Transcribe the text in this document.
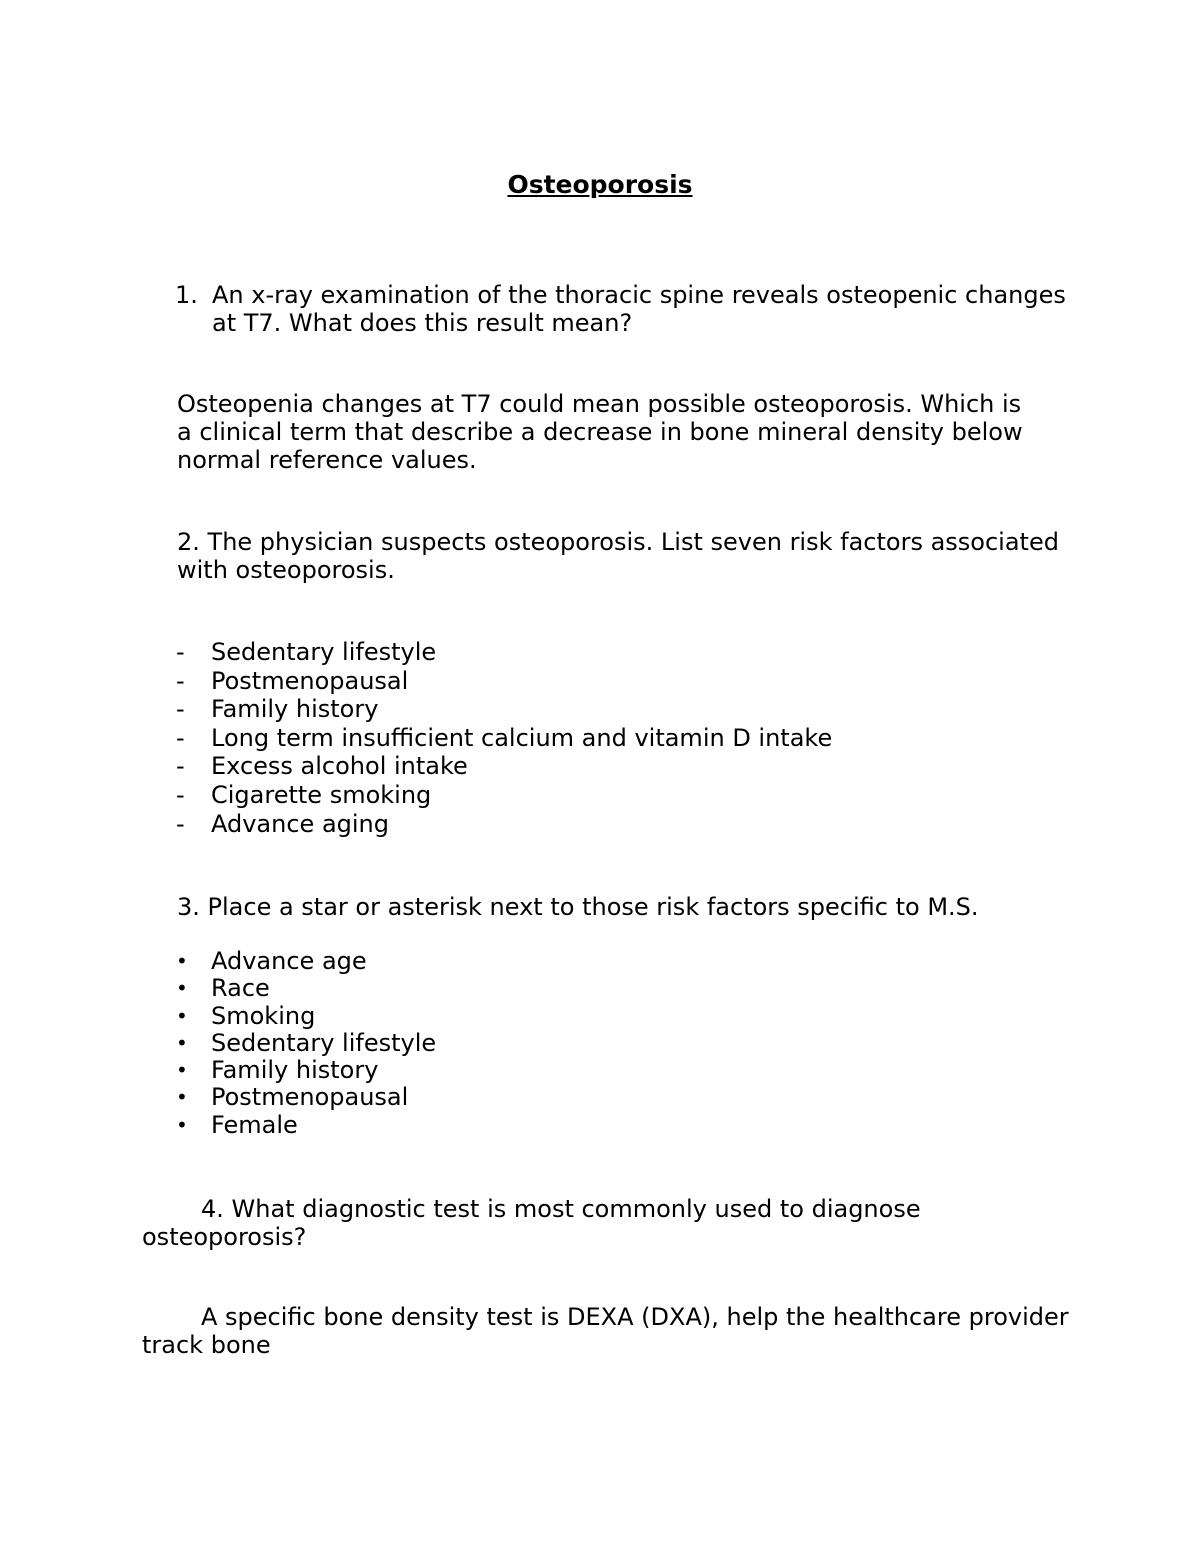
Osteoporosis
1. An x-ray examination of the thoracic spine reveals osteopenic changes at T7. What does this result mean?
Osteopenia changes at T7 could mean possible osteoporosis. Which is a clinical term that describe a decrease in bone mineral density below normal reference values.
2. The physician suspects osteoporosis. List seven risk factors associated with osteoporosis.
- Sedentary lifestyle
- Postmenopausal
- Family history
- Long term insufficient calcium and vitamin D intake
- Excess alcohol intake
- Cigarette smoking
- Advance aging
3. Place a star or asterisk next to those risk factors specific to M.S.
• Advance age
• Race
• Smoking
• Sedentary lifestyle
• Family history
• Postmenopausal
• Female
4. What diagnostic test is most commonly used to diagnose osteoporosis?
A specific bone density test is DEXA (DXA), help the healthcare provider track bone
